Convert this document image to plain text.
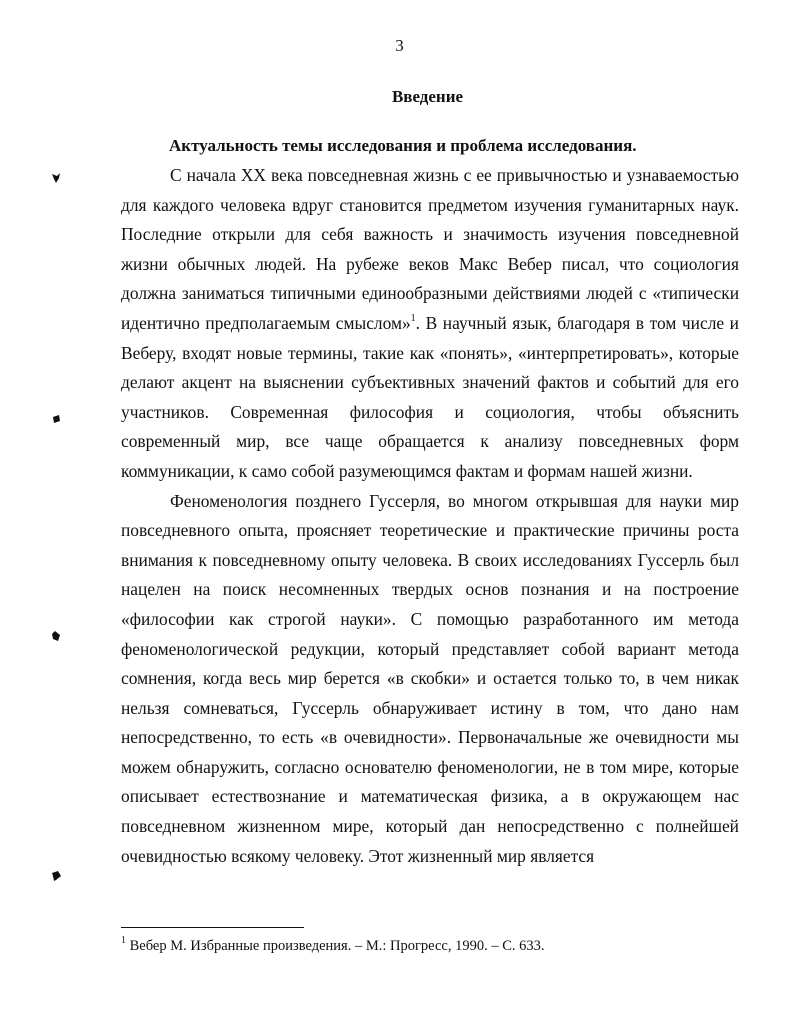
3
Введение
Актуальность темы исследования и проблема исследования.

С начала XX века повседневная жизнь с ее привычностью и узнаваемостью для каждого человека вдруг становится предметом изучения гуманитарных наук. Последние открыли для себя важность и значимость изучения повседневной жизни обычных людей. На рубеже веков Макс Вебер писал, что социология должна заниматься типичными единообразными действиями людей с «типически идентично предполагаемым смыслом»$^1$. В научный язык, благодаря в том числе и Веберу, входят новые термины, такие как «понять», «интерпретировать», которые делают акцент на выяснении субъективных значений фактов и событий для его участников. Современная философия и социология, чтобы объяснить современный мир, все чаще обращается к анализу повседневных форм коммуникации, к само собой разумеющимся фактам и формам нашей жизни.

Феноменология позднего Гуссерля, во многом открывшая для науки мир повседневного опыта, проясняет теоретические и практические причины роста внимания к повседневному опыту человека. В своих исследованиях Гуссерль был нацелен на поиск несомненных твердых основ познания и на построение «философии как строгой науки». С помощью разработанного им метода феноменологической редукции, который представляет собой вариант метода сомнения, когда весь мир берется «в скобки» и остается только то, в чем никак нельзя сомневаться, Гуссерль обнаруживает истину в том, что дано нам непосредственно, то есть «в очевидности». Первоначальные же очевидности мы можем обнаружить, согласно основателю феноменологии, не в том мире, которые описывает естествознание и математическая физика, а в окружающем нас повседневном жизненном мире, который дан непосредственно с полнейшей очевидностью всякому человеку. Этот жизненный мир является

$^1$ Вебер М. Избранные произведения. – М.: Прогресс, 1990. – С. 633.
